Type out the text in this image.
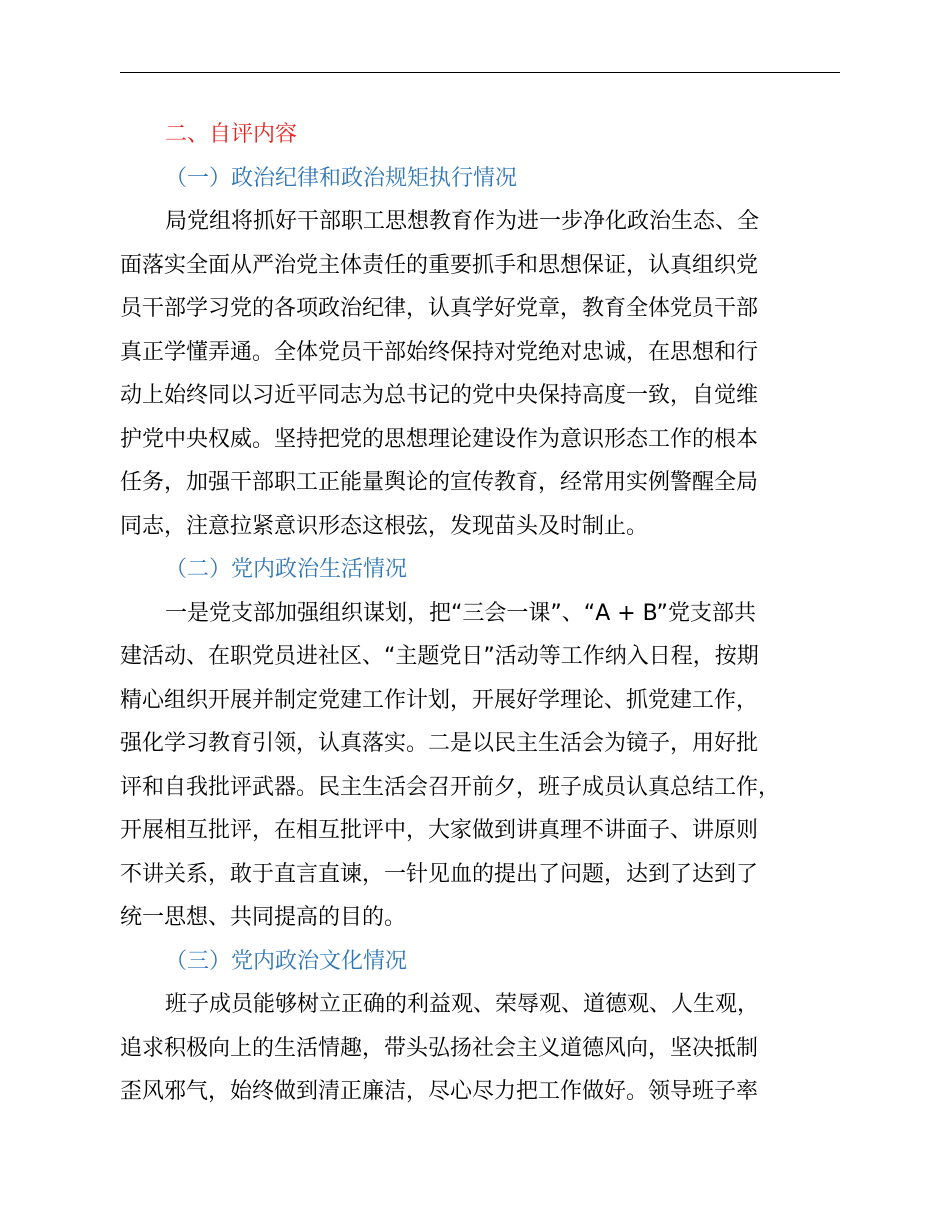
二、自评内容
（一）政治纪律和政治规矩执行情况
局党组将抓好干部职工思想教育作为进一步净化政治生态、全
面落实全面从严治党主体责任的重要抓手和思想保证，认真组织党
员干部学习党的各项政治纪律，认真学好党章，教育全体党员干部
真正学懂弄通。全体党员干部始终保持对党绝对忠诚，在思想和行
动上始终同以习近平同志为总书记的党中央保持高度一致，自觉维
护党中央权威。坚持把党的思想理论建设作为意识形态工作的根本
任务，加强干部职工正能量舆论的宣传教育，经常用实例警醒全局
同志，注意拉紧意识形态这根弦，发现苗头及时制止。
（二）党内政治生活情况
一是党支部加强组织谋划，把“三会一课”、“A + B”党支部共
建活动、在职党员进社区、“主题党日”活动等工作纳入日程，按期
精心组织开展并制定党建工作计划，开展好学理论、抓党建工作，
强化学习教育引领，认真落实。二是以民主生活会为镜子，用好批
评和自我批评武器。民主生活会召开前夕，班子成员认真总结工作，
开展相互批评，在相互批评中，大家做到讲真理不讲面子、讲原则
不讲关系，敢于直言直谏，一针见血的提出了问题，达到了达到了
统一思想、共同提高的目的。
（三）党内政治文化情况
班子成员能够树立正确的利益观、荣辱观、道德观、人生观，
追求积极向上的生活情趣，带头弘扬社会主义道德风向，坚决抵制
歪风邪气，始终做到清正廉洁，尽心尽力把工作做好。领导班子率
